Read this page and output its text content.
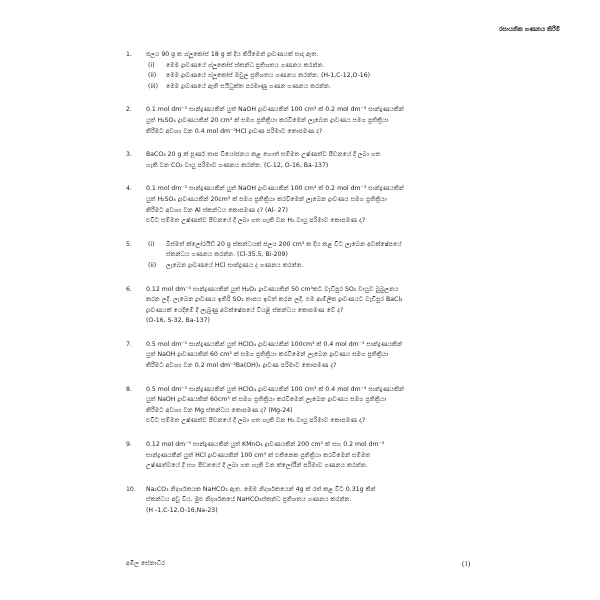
රසායනික ගණනය කිරීම්
1. ජලය 90 g ක ග්ලූකෝස් 18 g ක් දිය කිරීමෙන් ද්‍රාවණයක් සාදා ඇත.
(i) මෙම ද්‍රාවණයේ ග්ලූකෝස් ස්කන්ධ ප්‍රතිශතය ගණනය කරන්න.
(ii) මෙම ද්‍රාවණයේ ග්ලූකෝස් මවුල ප්‍රතිශතය ගණනය කරන්න. (H-1,C-12,O-16)
(iii) මෙම ද්‍රාවණයේ ඇති සයිධුක්ත පරමාණු ගණන ගණනය කරන්න.
2. 0.1 mol dm⁻³ සාන්ද්‍රණයකින් යුත් NaOH ද්‍රාවණයකින් 100 cm³ ක් 0.2 mol dm⁻³ සාන්ද්‍රණයකින්
යුත් H₂SO₄ ද්‍රාවණයකින් 20 cm³ ක් සමග ප්‍රතික්‍රියා කරවීමෙන් ලැබෙන ද්‍රාවණය සමග ප්‍රතික්‍රියා
කිරීමට අවශ්‍ය වන 0.4 mol dm⁻³HCl ද්‍රාවණ පරිමාව කොපමණ ද?
3. BaCO₃ 20 g ක් පූර්ණ තාප වියෝජනය කළ හොත් සම්මත උෂ්ණත්ව පීඩනයේ දී ලබා ගත
හැකි වන CO₂ වායු පරිමාව ගණනය කරන්න. (C-12, O-16, Ba-137)
4. 0.1 mol dm⁻³ සාන්ද්‍රණයකින් යුත් NaOH ද්‍රාවණයකින් 100 cm³ ක් 0.2 mol dm⁻³ සාන්ද්‍රණයකින්
යුත් H₂SO₄ ද්‍රාවණයකින් 20cm³ ක් සමග ප්‍රතික්‍රියා කරවීමෙන් ලැබෙන ද්‍රාවණය සමග ප්‍රතික්‍රියා
කිරීමට අවශ්‍ය වන Al ස්කන්ධය කොපමණ ද? (Al- 27)
එවිට සම්මත උෂ්ණත්ව පීඩනයේ දී ලබා ගත හැකි වන H₂ වායු පරිමාව කොපමණ ද?
5.	(i) බිස්මත් ක්ලෝරයිඩ් 20 g ස්කන්ධයක් ජලය 200 cm³ ක දිය කළ විට ලැබෙන අවක්ෂේපයේ
ස්කන්ධය ගණනය කරන්න. (Cl-35.5, Bi-209)
(ii) ලැබෙන ද්‍රාවණයේ HCl සාන්ද්‍රණය ද ගණනය කරන්න.
6. 0.12 mol dm⁻³ සාන්ද්‍රණයකින් යුත් H₂O₂ ද්‍රාවණයකින් 50 cm³කට වැඩිපුර SO₂ වායුව බුබුලනය
කරන ලදී. ලැබෙන ද්‍රාවණය ඉතිරි SO₂ තාපය ඉවත් කරන ලදී. එම ආම්ලික ද්‍රාවණයට වැඩිපුර BaCl₂
ද්‍රාවණයක් යෙදීමේ දී ලැබුණු අවක්ෂේපයේ වියළි ස්කන්ධය කොපමණ වේ ද?
(O-16, S-32, Ba-137)
7. 0.5 mol dm⁻³ සාන්ද්‍රණයකින් යුත් HClO₄ ද්‍රාවණයකින් 100cm³ ක් 0.4 mol dm⁻³ සාන්ද්‍රණයකින්
යුත් NaOH ද්‍රාවණයකින් 60 cm³ ක් සමග ප්‍රතික්‍රියා කරවීමෙන් ලැබෙන ද්‍රාවණය සමග ප්‍රතික්‍රියා
කිරීමට අවශ්‍ය වන 0.2 mol dm⁻³Ba(OH)₂ ද්‍රාවණ පරිමාව කොපමණ ද?
8. 0.5 mol dm⁻³ සාන්ද්‍රණයකින් යුත් HClO₄ ද්‍රාවණයකින් 100 cm³ ක් 0.4 mol dm⁻³ සාන්ද්‍රණයකින්
යුත් NaOH ද්‍රාවණයකින් 60cm³ ක් සමග ප්‍රතික්‍රියා කරවීමෙන් ලැබෙන ද්‍රාවණය සමග ප්‍රතික්‍රියා
කිරීමට අවශ්‍ය වන Mg ස්කන්ධය කොපමණ ද? (Mg-24)
එවිට සම්මත උෂ්ණත්ව පීඩනයේ දී ලබා ගත හැකි වන H₂ වායු පරිමාව කොපමණ ද?
9. 0.12 mol dm⁻³ සාන්ද්‍රණයකින් යුත් KMnO₄ ද්‍රාවණයකින් 200 cm³ ක් සහ 0.2 mol dm⁻³
සාන්ද්‍රණයකින් යුත් HCl ද්‍රාවණයකින් 100 cm³ ක් එකිනෙක ප්‍රතික්‍රියා කරවීමෙන් සම්මත
උෂ්ණත්වයේ දී සහ පීඩනයේ දී ලබා ගත හැකි වන ක්ලෝරීන් පරිමාව ගණනය කරන්න.
10. Na₂CO₃ නිදර්ශකයක NaHCO₃ ඇත. මෙම නිදර්ශකයෙන් 4g ක් රත් කළ විට 0.31g කින්
ස්කන්ධය අඩු විය. මුළු නිදර්ශකයේ NaHCO₃ස්කන්ධ ප්‍රතිශතය ගණනය කරන්න.
(H -1,C-12,O-16,Na-23)
අමිල සේනාධීර	(1)
